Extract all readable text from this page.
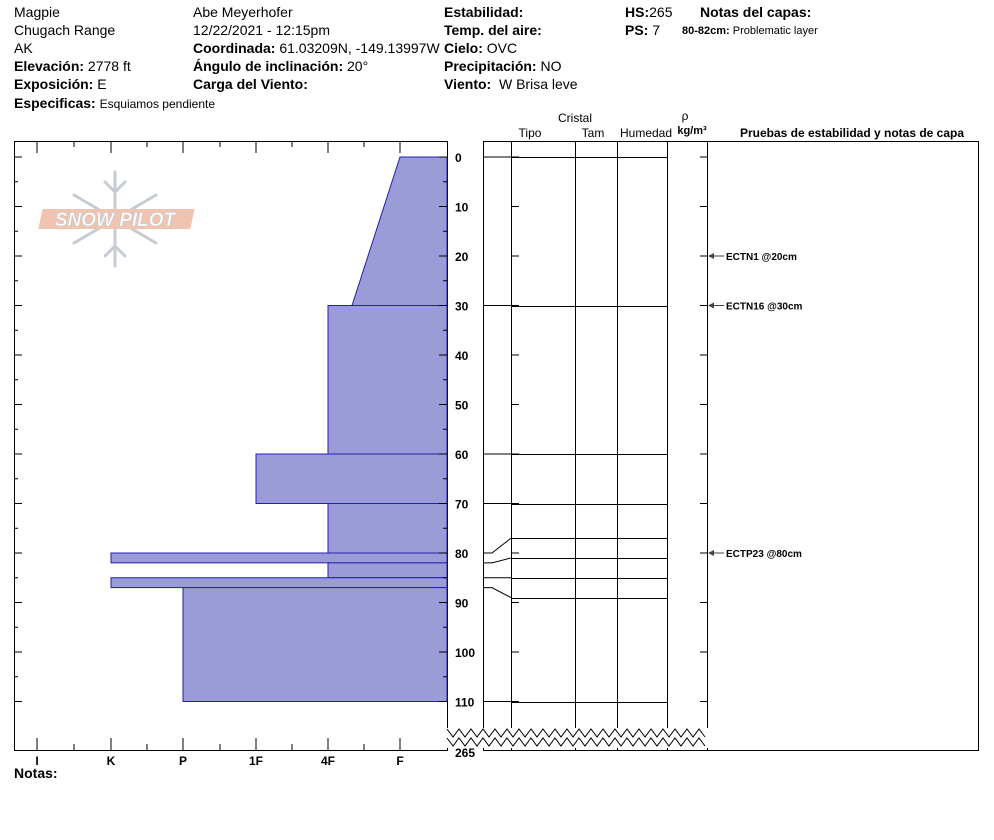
Magpie
Chugach Range
AK
Elevación: 2778 ft
Exposición: E
Especificas: Esquiamos pendiente
Abe Meyerhofer
12/22/2021 - 12:15pm
Coordinada: 61.03209N, -149.13997W
Ángulo de inclinación: 20°
Carga del Viento:
Estabilidad:
Temp. del aire:
Cielo: OVC
Precipitación: NO
Viento: W Brisa leve
HS:265
PS: 7
Notas del capas:
80-82cm: Problematic layer
Cristal
Tipo	Tam Humedad
ρ
kg/m³	Pruebas de estabilidad y notas de capa
SNOW PILOT
0
10
20
30
40
50
60
70
80
90
100
110
ECTN1 @20cm
ECTN16 @30cm
ECTP23 @80cm
I	K	P	1F	4F	F
265
Notas:
